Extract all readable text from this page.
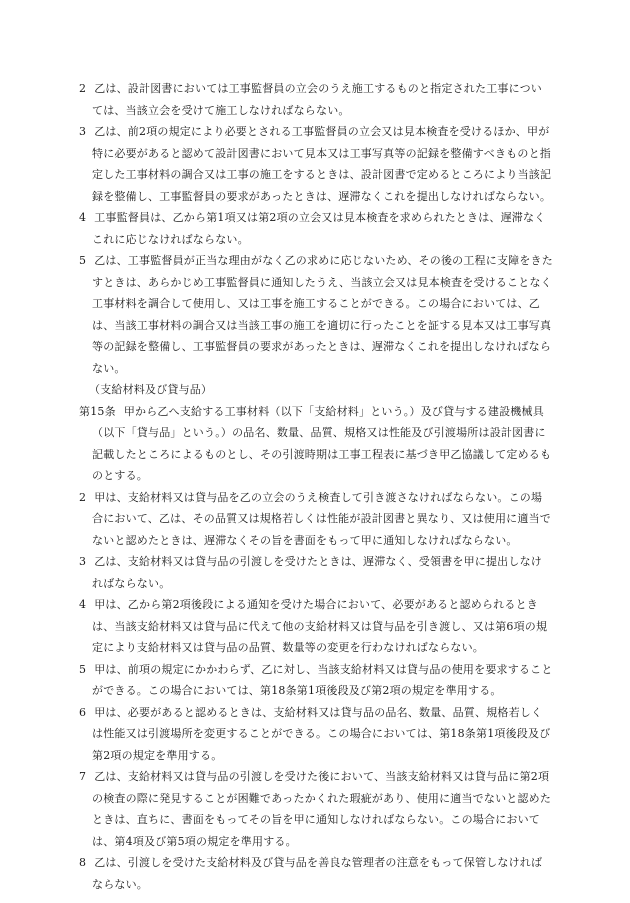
2 乙は、設計図書においては工事監督員の立会のうえ施工するものと指定された工事については、当該立会を受けて施工しなければならない。

3 乙は、前2項の規定により必要とされる工事監督員の立会又は見本検査を受けるほか、甲が特に必要があると認めて設計図書において見本又は工事写真等の記録を整備すべきものと指定した工事材料の調合又は工事の施工をするときは、設計図書で定めるところにより当該記録を整備し、工事監督員の要求があったときは、遅滞なくこれを提出しなければならない。

4 工事監督員は、乙から第1項又は第2項の立会又は見本検査を求められたときは、遅滞なくこれに応じなければならない。

5 乙は、工事監督員が正当な理由がなく乙の求めに応じないため、その後の工程に支障をきたすときは、あらかじめ工事監督員に通知したうえ、当該立会又は見本検査を受けることなく工事材料を調合して使用し、又は工事を施工することができる。この場合においては、乙は、当該工事材料の調合又は当該工事の施工を適切に行ったことを証する見本又は工事写真等の記録を整備し、工事監督員の要求があったときは、遅滞なくこれを提出しなければならない。

（支給材料及び貸与品）

第15条 甲から乙へ支給する工事材料（以下「支給材料」という。）及び貸与する建設機械具（以下「貸与品」という。）の品名、数量、品質、規格又は性能及び引渡場所は設計図書に記載したところによるものとし、その引渡時期は工事工程表に基づき甲乙協議して定めるものとする。

2 甲は、支給材料又は貸与品を乙の立会のうえ検査して引き渡さなければならない。この場合において、乙は、その品質又は規格若しくは性能が設計図書と異なり、又は使用に適当でないと認めたときは、遅滞なくその旨を書面をもって甲に通知しなければならない。

3 乙は、支給材料又は貸与品の引渡しを受けたときは、遅滞なく、受領書を甲に提出しなければならない。

4 甲は、乙から第2項後段による通知を受けた場合において、必要があると認められるときは、当該支給材料又は貸与品に代えて他の支給材料又は貸与品を引き渡し、又は第6項の規定により支給材料又は貸与品の品質、数量等の変更を行わなければならない。

5 甲は、前項の規定にかかわらず、乙に対し、当該支給材料又は貸与品の使用を要求することができる。この場合においては、第18条第1項後段及び第2項の規定を準用する。

6 甲は、必要があると認めるときは、支給材料又は貸与品の品名、数量、品質、規格若しくは性能又は引渡場所を変更することができる。この場合においては、第18条第1項後段及び第2項の規定を準用する。

7 乙は、支給材料又は貸与品の引渡しを受けた後において、当該支給材料又は貸与品に第2項の検査の際に発見することが困難であったかくれた瑕疵があり、使用に適当でないと認めたときは、直ちに、書面をもってその旨を甲に通知しなければならない。この場合においては、第4項及び第5項の規定を準用する。

8 乙は、引渡しを受けた支給材料及び貸与品を善良な管理者の注意をもって保管しなければならない。
